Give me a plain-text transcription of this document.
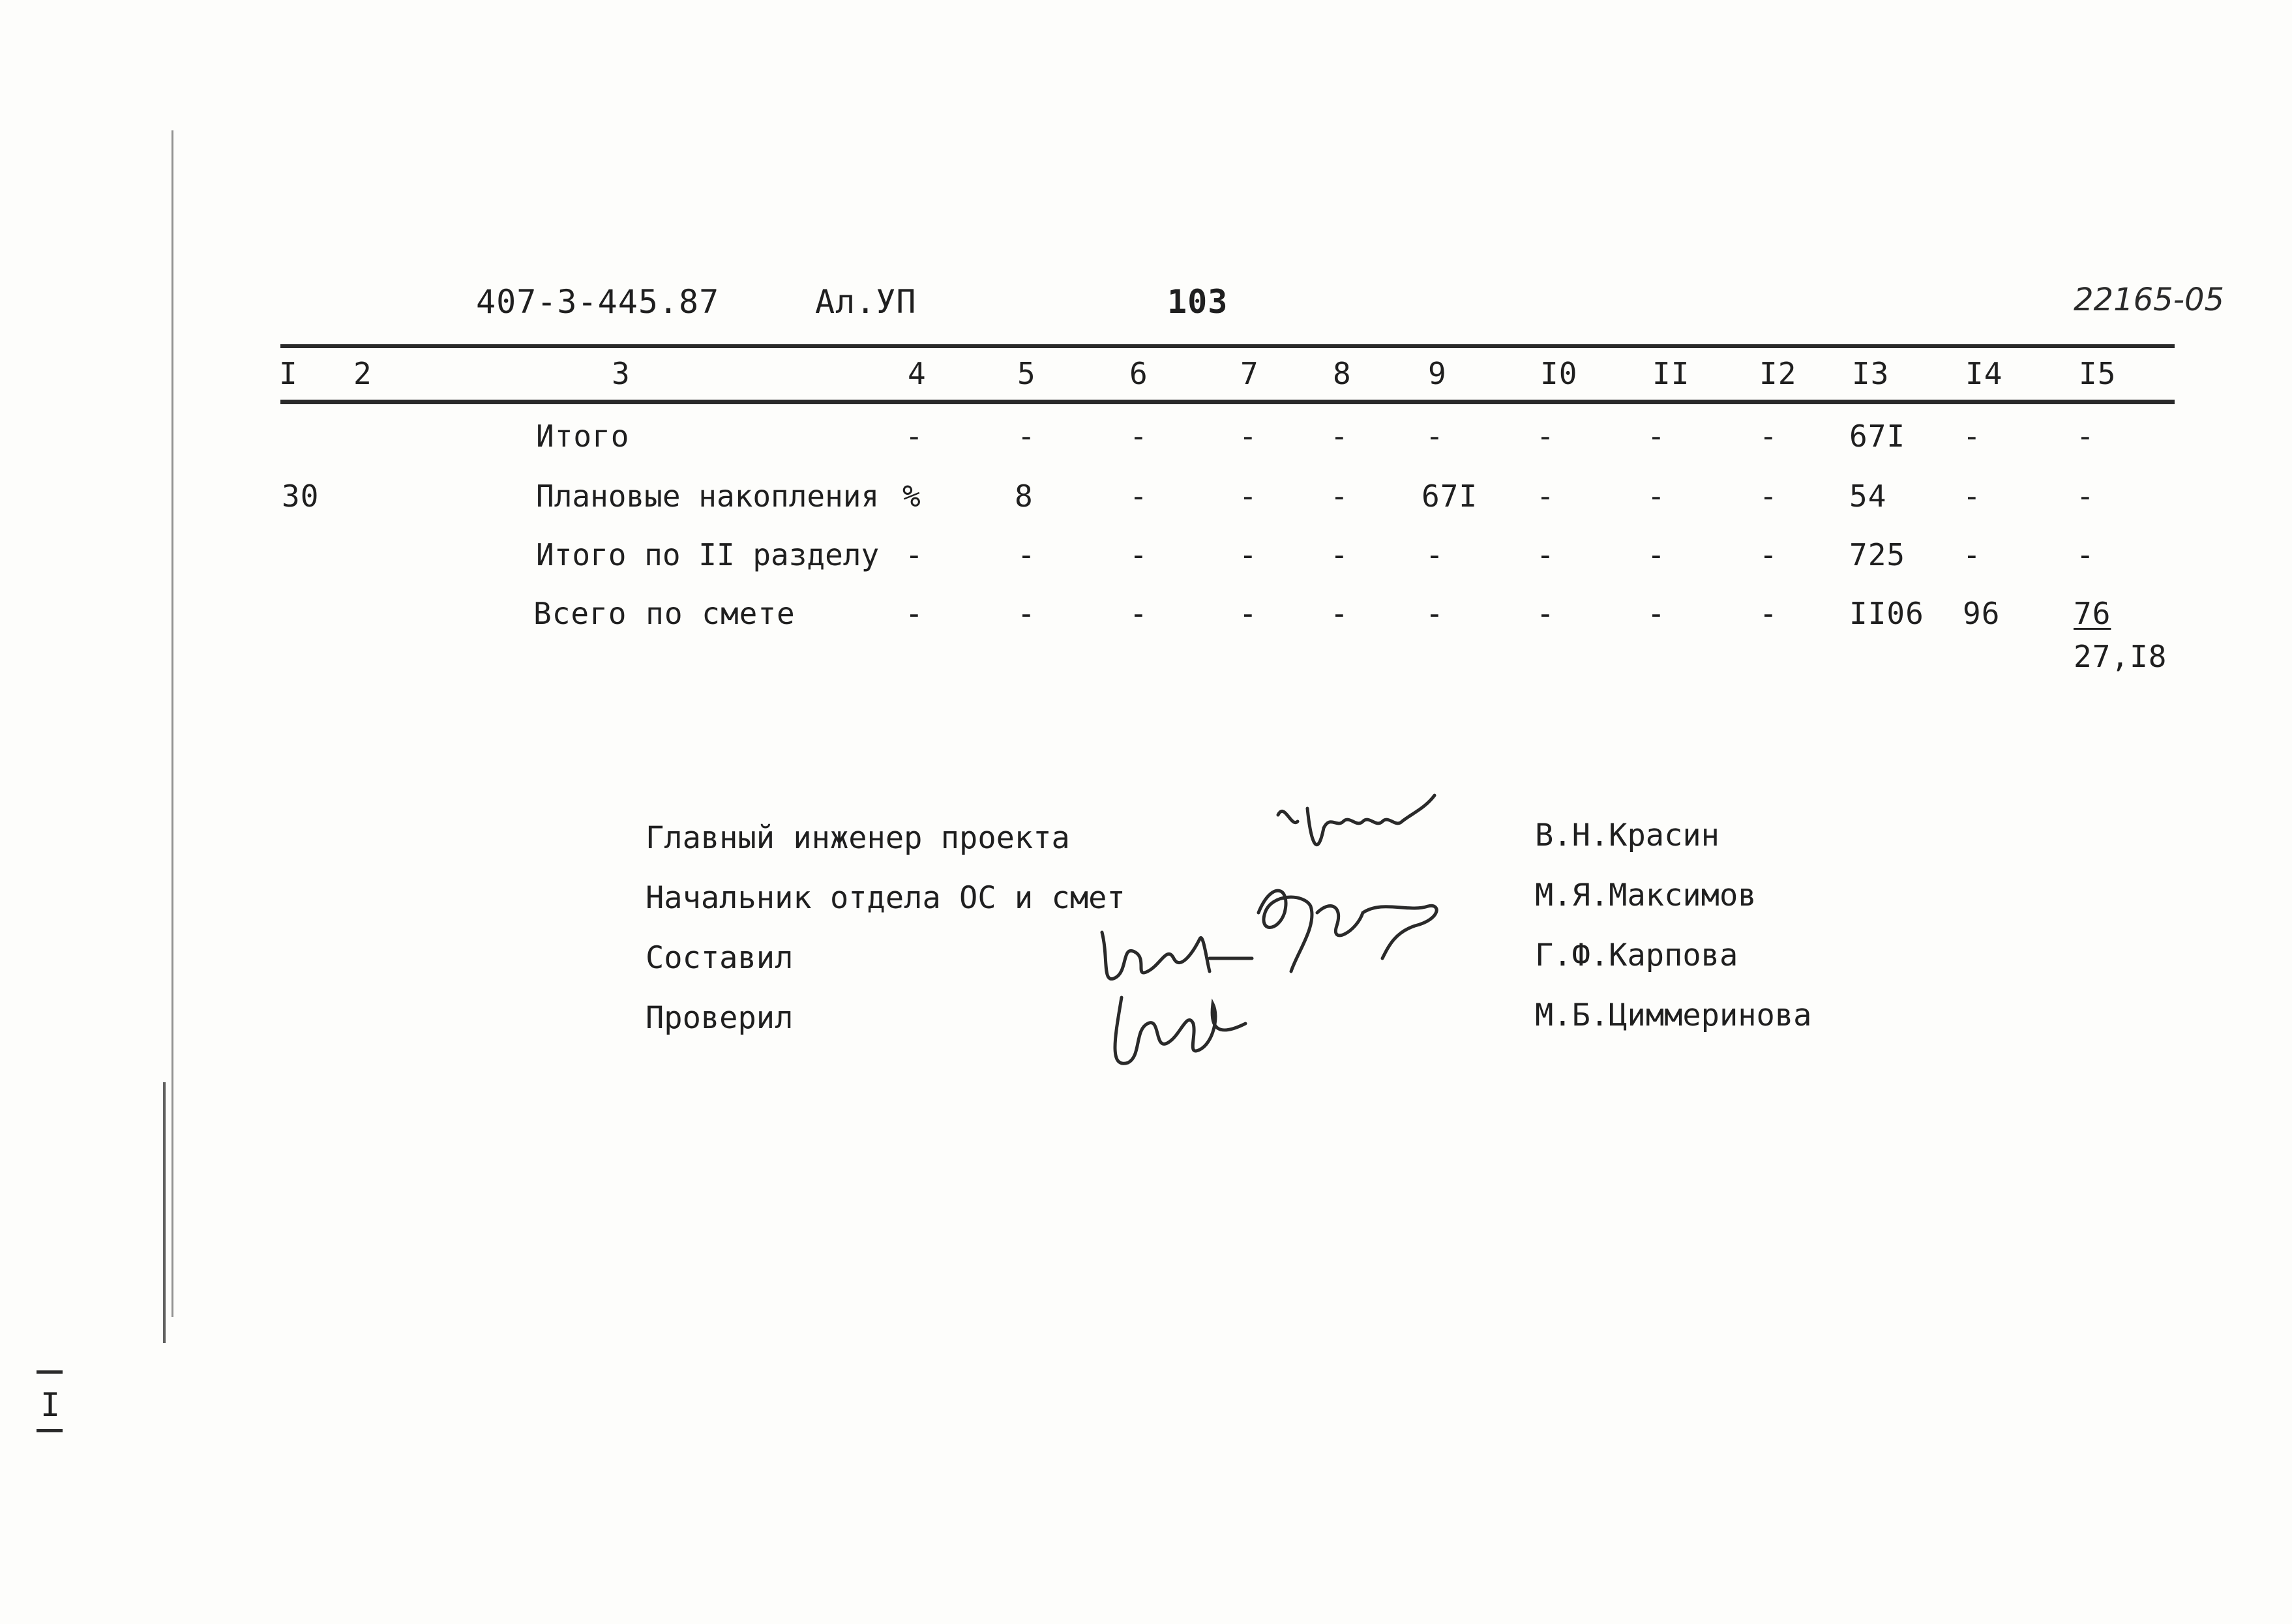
407-3-445.87	Ал.УП	103	22165-05
I 2	3	4	5	6	7 8	9	I0 II I2 I3	I4	I5
Итого	-	-	-	- -	-	-	-	- 67I -	-
30	Плановые накопления %	8	-	- - 67I -	-	- 54	-	-
Итого по II разделу -	-	-	- -	-	-	-	- 725 -	-
Всего по смете	-	-	-	- -	-	-	-	- II06 96 76
27,I8
Главный инженер проекта	В.Н.Красин
Начальник отдела ОС и смет	М.Я.Максимов
Составил	Г.Ф.Карпова
Проверил	М.Б.Циммеринова
I
